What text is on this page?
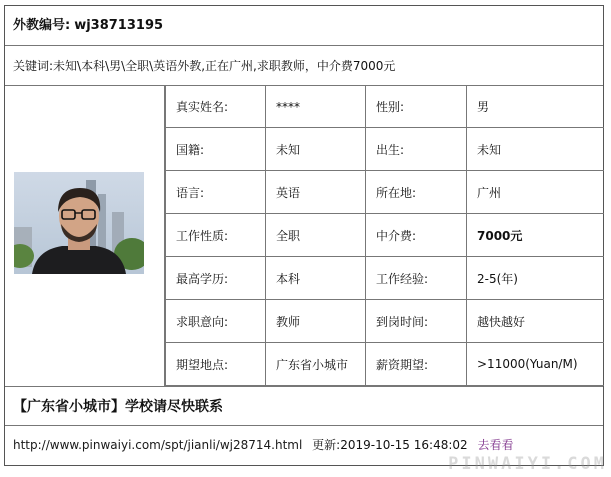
外教编号: wj38713195
关键词:未知\本科\男\全职\英语外教,正在广州,求职教师，中介费7000元
真实姓名:	****	性别:	男
国籍:	未知	出生:	未知
语言:	英语	所在地:	广州
工作性质:	全职	中介费:	7000元
最高学历:	本科	工作经验:	2-5(年)
求职意向:	教师	到岗时间:	越快越好
期望地点:	广东省小城市	薪资期望:	>11000(Yuan/M)
【广东省小城市】学校请尽快联系
http://www.pinwaiyi.com/spt/jianli/wj28714.html 更新:2019-10-15 16:48:02 去看看
PINWAIYI.COM
